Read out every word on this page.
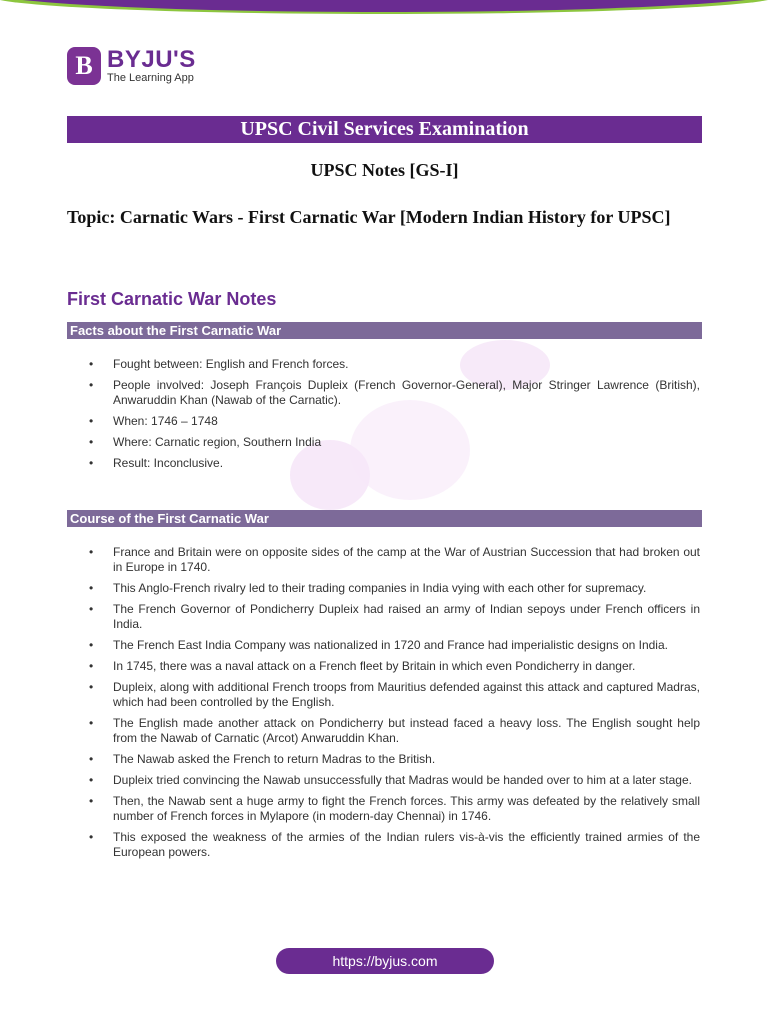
B BYJU'S
The Learning App
UPSC Civil Services Examination
UPSC Notes [GS-I]
Topic: Carnatic Wars - First Carnatic War [Modern Indian History for UPSC]
First Carnatic War Notes
Facts about the First Carnatic War
• Fought between: English and French forces.
• People involved: Joseph François Dupleix (French Governor-General), Major Stringer Lawrence (British), Anwaruddin Khan (Nawab of the Carnatic).
• When: 1746 – 1748
• Where: Carnatic region, Southern India
• Result: Inconclusive.
Course of the First Carnatic War
• France and Britain were on opposite sides of the camp at the War of Austrian Succession that had broken out in Europe in 1740.
• This Anglo-French rivalry led to their trading companies in India vying with each other for supremacy.
• The French Governor of Pondicherry Dupleix had raised an army of Indian sepoys under French officers in India.
• The French East India Company was nationalized in 1720 and France had imperialistic designs on India.
• In 1745, there was a naval attack on a French fleet by Britain in which even Pondicherry in danger.
• Dupleix, along with additional French troops from Mauritius defended against this attack and captured Madras, which had been controlled by the English.
• The English made another attack on Pondicherry but instead faced a heavy loss. The English sought help from the Nawab of Carnatic (Arcot) Anwaruddin Khan.
• The Nawab asked the French to return Madras to the British.
• Dupleix tried convincing the Nawab unsuccessfully that Madras would be handed over to him at a later stage.
• Then, the Nawab sent a huge army to fight the French forces. This army was defeated by the relatively small number of French forces in Mylapore (in modern-day Chennai) in 1746.
• This exposed the weakness of the armies of the Indian rulers vis-à-vis the efficiently trained armies of the European powers.
https://byjus.com
